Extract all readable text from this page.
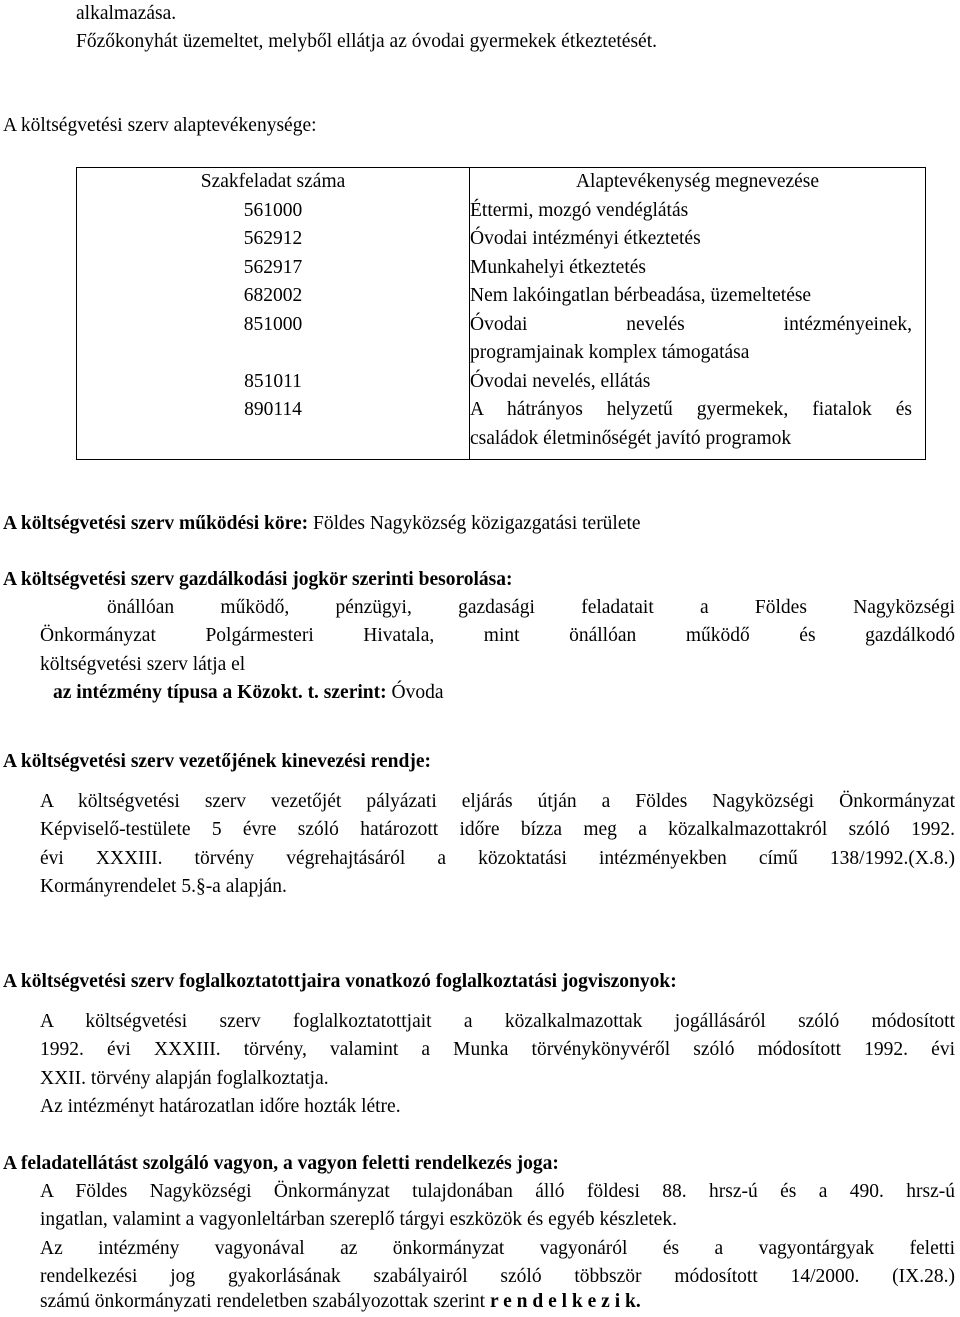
alkalmazása.
Főzőkonyhát üzemeltet, melyből ellátja az óvodai gyermekek étkeztetését.
A költségvetési szerv alaptevékenysége:
Szakfeladat száma	Alaptevékenység megnevezése
561000	Éttermi, mozgó vendéglátás

562912	Óvodai intézményi étkeztetés

562917	Munkahelyi étkeztetés

682002	Nem lakóingatlan bérbeadása, üzemeltetése

851000	Óvodai nevelés intézményeinek,
programjainak komplex támogatása

851011	Óvodai nevelés, ellátás

890114	A hátrányos helyzetű gyermekek, fiatalok és
családok életminőségét javító programok
A költségvetési szerv működési köre: Földes Nagyközség közigazgatási területe
A költségvetési szerv gazdálkodási jogkör szerinti besorolása:
önállóan működő, pénzügyi, gazdasági feladatait a Földes Nagyközségi
Önkormányzat Polgármesteri Hivatala, mint önállóan működő és gazdálkodó
költségvetési szerv látja el
az intézmény típusa a Közokt. t. szerint: Óvoda
A költségvetési szerv vezetőjének kinevezési rendje:
A költségvetési szerv vezetőjét pályázati eljárás útján a Földes Nagyközségi Önkormányzat
Képviselő-testülete 5 évre szóló határozott időre bízza meg a közalkalmazottakról szóló 1992.
évi XXXIII. törvény végrehajtásáról a közoktatási intézményekben című 138/1992.(X.8.)
Kormányrendelet 5.§-a alapján.
A költségvetési szerv foglalkoztatottjaira vonatkozó foglalkoztatási jogviszonyok:
A költségvetési szerv foglalkoztatottjait a közalkalmazottak jogállásáról szóló módosított
1992. évi XXXIII. törvény, valamint a Munka törvénykönyvéről szóló módosított 1992. évi
XXII. törvény alapján foglalkoztatja.
Az intézményt határozatlan időre hozták létre.
A feladatellátást szolgáló vagyon, a vagyon feletti rendelkezés joga:
A Földes Nagyközségi Önkormányzat tulajdonában álló földesi 88. hrsz-ú és a 490. hrsz-ú
ingatlan, valamint a vagyonleltárban szereplő tárgyi eszközök és egyéb készletek.
Az intézmény vagyonával az önkormányzat vagyonáról és a vagyontárgyak feletti
rendelkezési jog gyakorlásának szabályairól szóló többször módosított 14/2000. (IX.28.)
számú önkormányzati rendeletben szabályozottak szerint r e n d e l k e z i k.
